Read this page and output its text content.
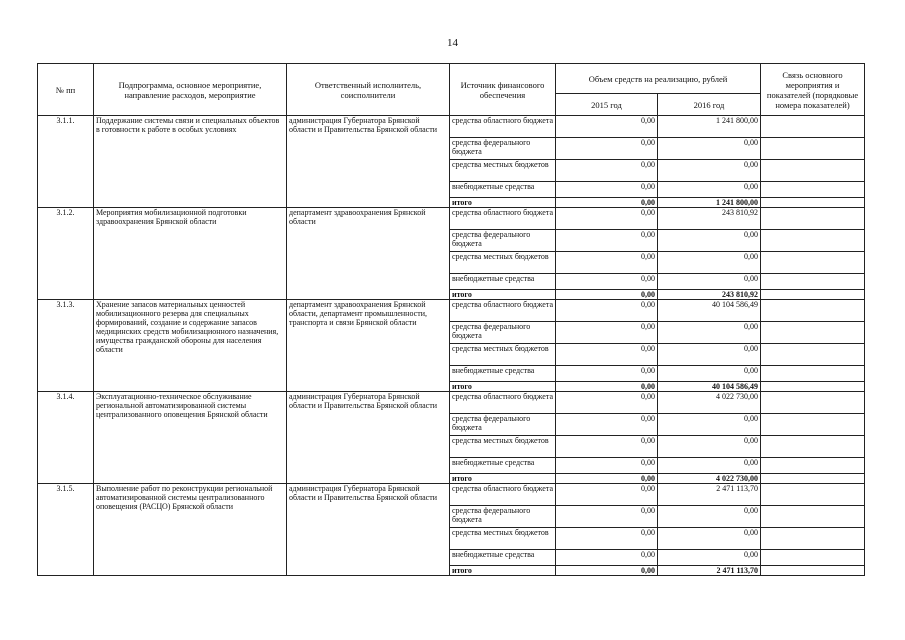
14
№ пп	Подпрограмма, основное мероприятие, направление расходов, мероприятие	Ответственный исполнитель, соисполнители	Источник финансового обеспечения	Объем средств на реализацию, рублей		Связь основного мероприятия и показателей (порядковые номера показателей)
				2015 год	2016 год	
3.1.1.	Поддержание системы связи и специальных объектов в готовности к работе в особых условиях	администрация Губернатора Брянской области и Правительства Брянской области	средства областного бюджета	0,00	1 241 800,00	
			средства федерального бюджета	0,00	0,00	
			средства местных бюджетов	0,00	0,00	
			внебюджетные средства	0,00	0,00	
			итого	0,00	1 241 800,00	
3.1.2.	Мероприятия мобилизационной подготовки здравоохранения Брянской области	департамент здравоохранения Брянской области	средства областного бюджета	0,00	243 810,92	
			средства федерального бюджета	0,00	0,00	
			средства местных бюджетов	0,00	0,00	
			внебюджетные средства	0,00	0,00	
			итого	0,00	243 810,92	
3.1.3.	Хранение запасов материальных ценностей мобилизационного резерва для специальных формирований, создание и содержание запасов медицинских средств мобилизационного назначения, имущества гражданской обороны для населения области	департамент здравоохранения Брянской области, департамент промышленности, транспорта и связи Брянской области	средства областного бюджета	0,00	40 104 586,49	
			средства федерального бюджета	0,00	0,00	
			средства местных бюджетов	0,00	0,00	
			внебюджетные средства	0,00	0,00	
			итого	0,00	40 104 586,49	
3.1.4.	Эксплуатационно-техническое обслуживание региональной автоматизированной системы централизованного оповещения Брянской области	администрация Губернатора Брянской области и Правительства Брянской области	средства областного бюджета	0,00	4 022 730,00	
			средства федерального бюджета	0,00	0,00	
			средства местных бюджетов	0,00	0,00	
			внебюджетные средства	0,00	0,00	
			итого	0,00	4 022 730,00	
3.1.5.	Выполнение работ по реконструкции региональной автоматизированной системы централизованного оповещения (РАСЦО) Брянской области	администрация Губернатора Брянской области и Правительства Брянской области	средства областного бюджета	0,00	2 471 113,70	
			средства федерального бюджета	0,00	0,00	
			средства местных бюджетов	0,00	0,00	
			внебюджетные средства	0,00	0,00	
			итого	0,00	2 471 113,70	
